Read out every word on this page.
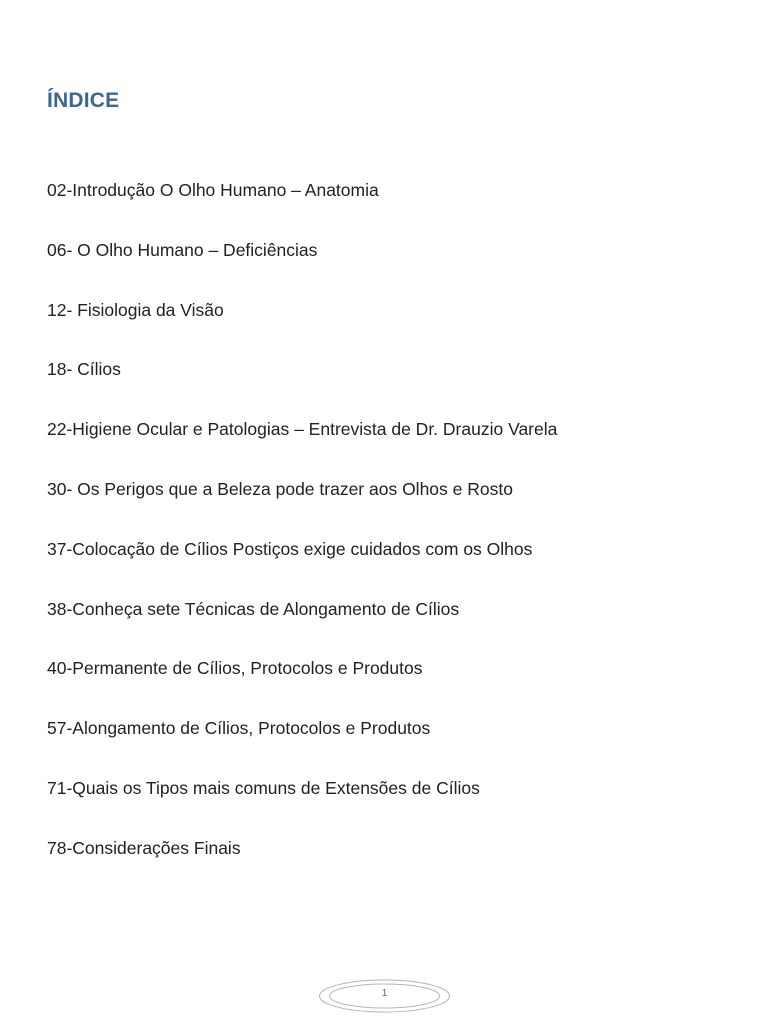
ÍNDICE
02-Introdução O Olho Humano – Anatomia
06- O Olho Humano – Deficiências
12- Fisiologia da Visão
18- Cílios
22-Higiene Ocular e Patologias – Entrevista de Dr. Drauzio Varela
30- Os Perigos que a Beleza pode trazer aos Olhos e Rosto
37-Colocação de Cílios Postiços exige cuidados com os Olhos
38-Conheça sete Técnicas de Alongamento de Cílios
40-Permanente de Cílios, Protocolos e Produtos
57-Alongamento de Cílios, Protocolos e Produtos
71-Quais os Tipos mais comuns de Extensões de Cílios
78-Considerações Finais
1
